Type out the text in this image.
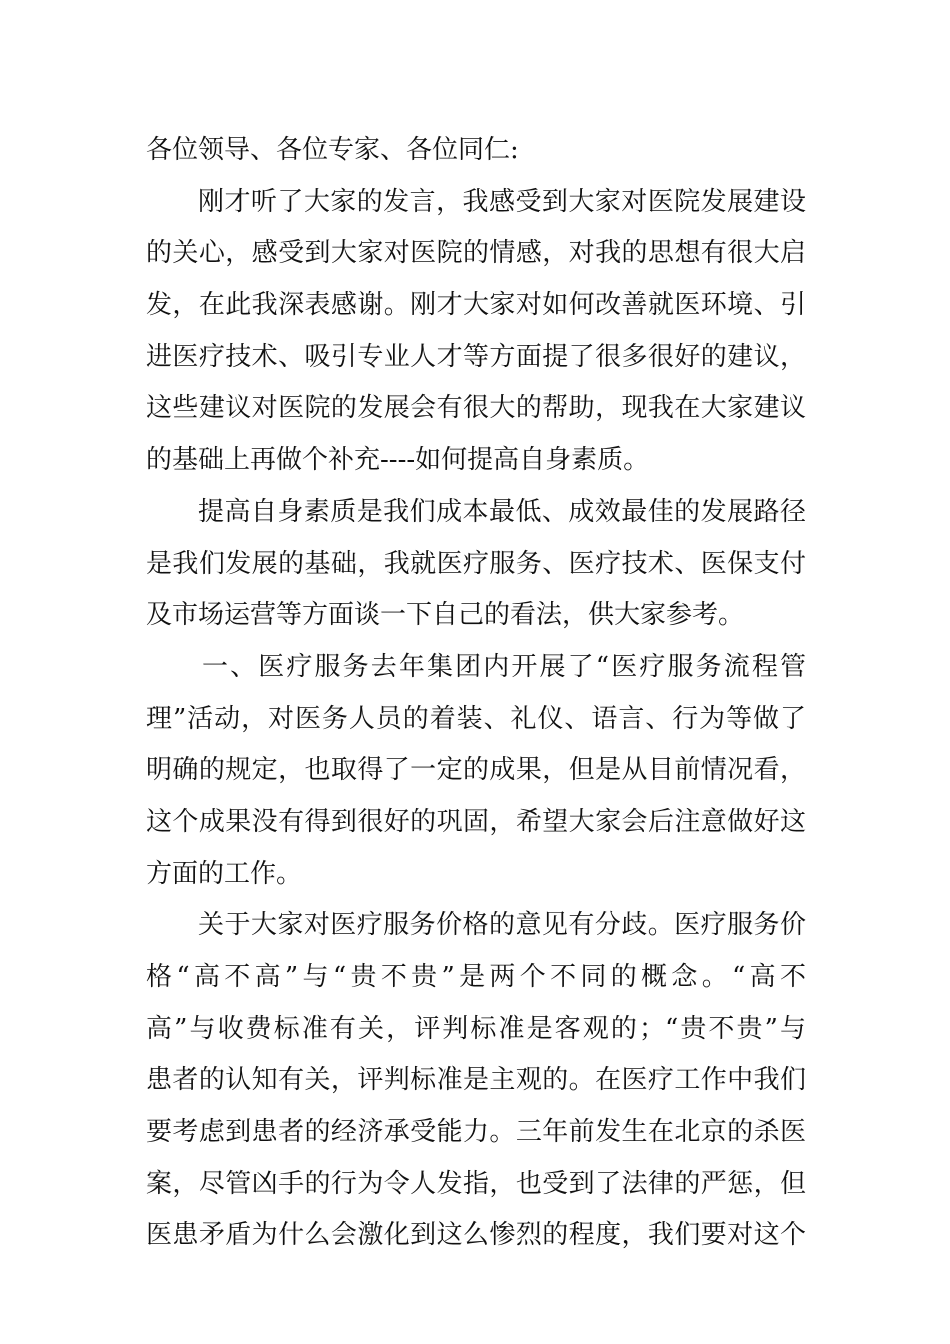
各位领导、各位专家、各位同仁:
刚才听了大家的发言，我感受到大家对医院发展建设
的关心，感受到大家对医院的情感，对我的思想有很大启
发，在此我深表感谢。刚才大家对如何改善就医环境、引
进医疗技术、吸引专业人才等方面提了很多很好的建议，
这些建议对医院的发展会有很大的帮助，现我在大家建议
的基础上再做个补充----如何提高自身素质。
提高自身素质是我们成本最低、成效最佳的发展路径
是我们发展的基础，我就医疗服务、医疗技术、医保支付
及市场运营等方面谈一下自己的看法，供大家参考。
一、医疗服务去年集团内开展了“医疗服务流程管
理”活动，对医务人员的着装、礼仪、语言、行为等做了
明确的规定，也取得了一定的成果，但是从目前情况看，
这个成果没有得到很好的巩固，希望大家会后注意做好这
方面的工作。
关于大家对医疗服务价格的意见有分歧。医疗服务价
格“高不高”与“贵不贵”是两个不同的概念。“高不
高”与收费标准有关，评判标准是客观的；“贵不贵”与
患者的认知有关，评判标准是主观的。在医疗工作中我们
要考虑到患者的经济承受能力。三年前发生在北京的杀医
案，尽管凶手的行为令人发指，也受到了法律的严惩，但
医患矛盾为什么会激化到这么惨烈的程度，我们要对这个
